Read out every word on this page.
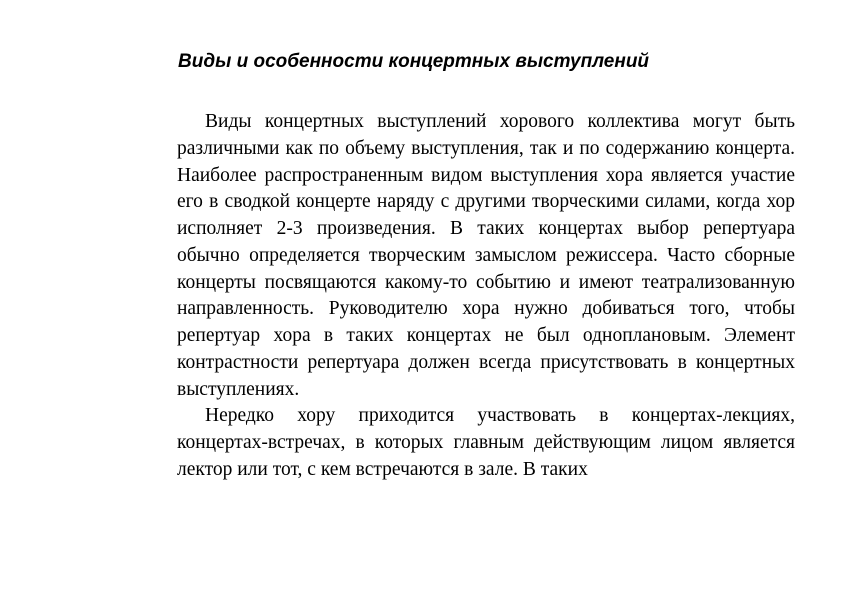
Виды и особенности концертных выступлений

Виды концертных выступлений хорового коллектива могут быть различными как по объему выступления, так и по содержанию концерта. Наиболее распространенным видом выступления хора является участие его в сводкой концерте наряду с другими творческими силами, когда хор исполняет 2-3 произведения. В таких концертах выбор репертуара обычно определяется творческим замыслом режиссера. Часто сборные концерты посвящаются какому-то событию и имеют театрализованную направленность. Руководителю хора нужно добиваться того, чтобы репертуар хора в таких концертах не был одноплановым. Элемент контрастности репертуара должен всегда присутствовать в концертных выступлениях.

Нередко хору приходится участвовать в концертах-лекциях, концертах-встречах, в которых главным действующим лицом является лектор или тот, с кем встречаются в зале. В таких
